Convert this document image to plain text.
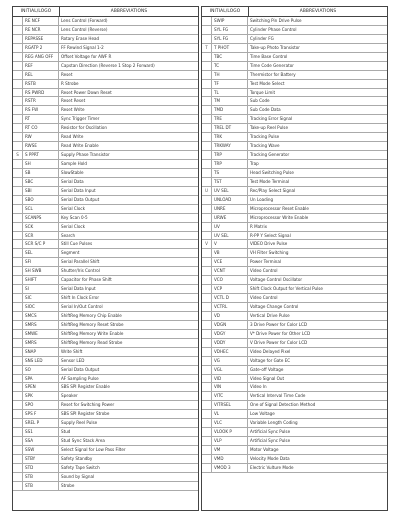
INITIAL/LOGO	ABBREVIATIONS
RE NCF	Lens Control (Forward)
RE NCR	Lens Control (Reverse)
REPASSE	Rotary Erase Head
RGATP 2	FF Rewind Signal 1-2
REG ANG OFF	Offset Voltage for AWF R
REF	Capstan Direction (Reverse 1 Stop 2 Forward)
REL	Reset
RSTB	R Strobe
RS PWRD	Reset Power Down Reset
RSTR	Reset Reset
RS FW	Reset Write
RT	Sync Trigger Timer
RT CO	Resistor for Oscillation
RW	Read Write
RWSE	Read Write Enable
S	S PPRT	Supply Phase Transistor
SH	Sample Hold
SB	SlowStable
SBC	Serial Data
SBI	Serial Data Input
SBO	Serial Data Output
SCL	Serial Clock
SCANPS	Key Scan 0-5
SCK	Serial Clock
SCR	Search
SCR S/C P	Still Cue Pulses
SEL	Segment
SFI	Serial Parallel Shift
SH SWB	Shutter/Iris Control
SHIFT	Capacitor for Phase Shift
SI	Serial Data Input
SIC	Shift In Clock Error
SIOC	Serial In/Out Control
SMCS	ShiftReg Memory Chip Enable
SMRS	ShiftReg Memory Reset Strobe
SMWE	ShiftReg Memory Write Enable
SMRS	ShiftReg Memory Read Strobe
SNAP	Write Shift
SNS LED	Sensor LED
SO	Serial Data Output
SPA	AF Sampling Pulse
SPEN	SBS SPI Register Enable
SPK	Speaker
SPO	Reset for Switching Power
SPS F	SBS SPI Register Strobe
SREL P	Supply Reel Pulse
SS1	Stud
SSA	Stud Sync Stack Area
SSW	Select Signal for Low Pass Filter
STBY	Safety Standby
STD	Safety Tape Switch
STB	Sound by Signal
STB	Strobe
INITIAL/LOGO	ABBREVIATIONS
SWIP	Switching Pin Drive Pulse
SYL FG	Cylinder Phase Control
SYL FG	Cylinder FG
T	T PHOT	Take-up Photo Transistor
TBC	Time Base Control
TC	Time Code Generator
TH	Thermistor for Battery
TF	Test Mode Select
TL	Torque Limit
TM	Sub Code
TMD	Sub Code Data
TRE	Tracking Error Signal
TREL DT	Take-up Reel Pulse
TRK	Tracking Pulse
TRKWAY	Tracking Wave
TRP	Tracking Generator
TRP	Trap
TS	Head Switching Pulse
TST	Test Mode Terminal
U	UV SEL	Rec/Play Select Signal
UNLOAD	Un Loading
UNRE	Microprocessor Reset Enable
URWE	Microprocessor Write Enable
UV	R Matrix
UV SEL	R-PP Y Select Signal
V	V	VIDEO Drive Pulse
VB	VH Filter Switching
VCE	Power Terminal
VCNT	Video Control
VCO	Voltage Control Oscillator
VCP	Shift Clock Output for Vertical Pulse
VCTL D	Video Control
VCTRL	Voltage Change Control
VD	Vertical Drive Pulse
VDGN	3 Drive Power for Color LCD
VDGY	V* Drive Power for Other LCD
VDDY	V Drive Power for Color LCD
VDHEC	Video Delayed Pixel
VG	Voltage for Gate EC
VGL	Gate-off Voltage
VID	Video Signal Out
VIN	Video In
VITC	Vertical Interval Time Code
VITRSEL	One of Signal Detection Method
VL	Low Voltage
VLC	Variable Length Coding
VLOOK P	Artificial Sync Pulse
VLP	Artificial Sync Pulse
VM	Motor Voltage
VMD	Velocity Mode Data
VMOD 3	Electric Vulture Mode
